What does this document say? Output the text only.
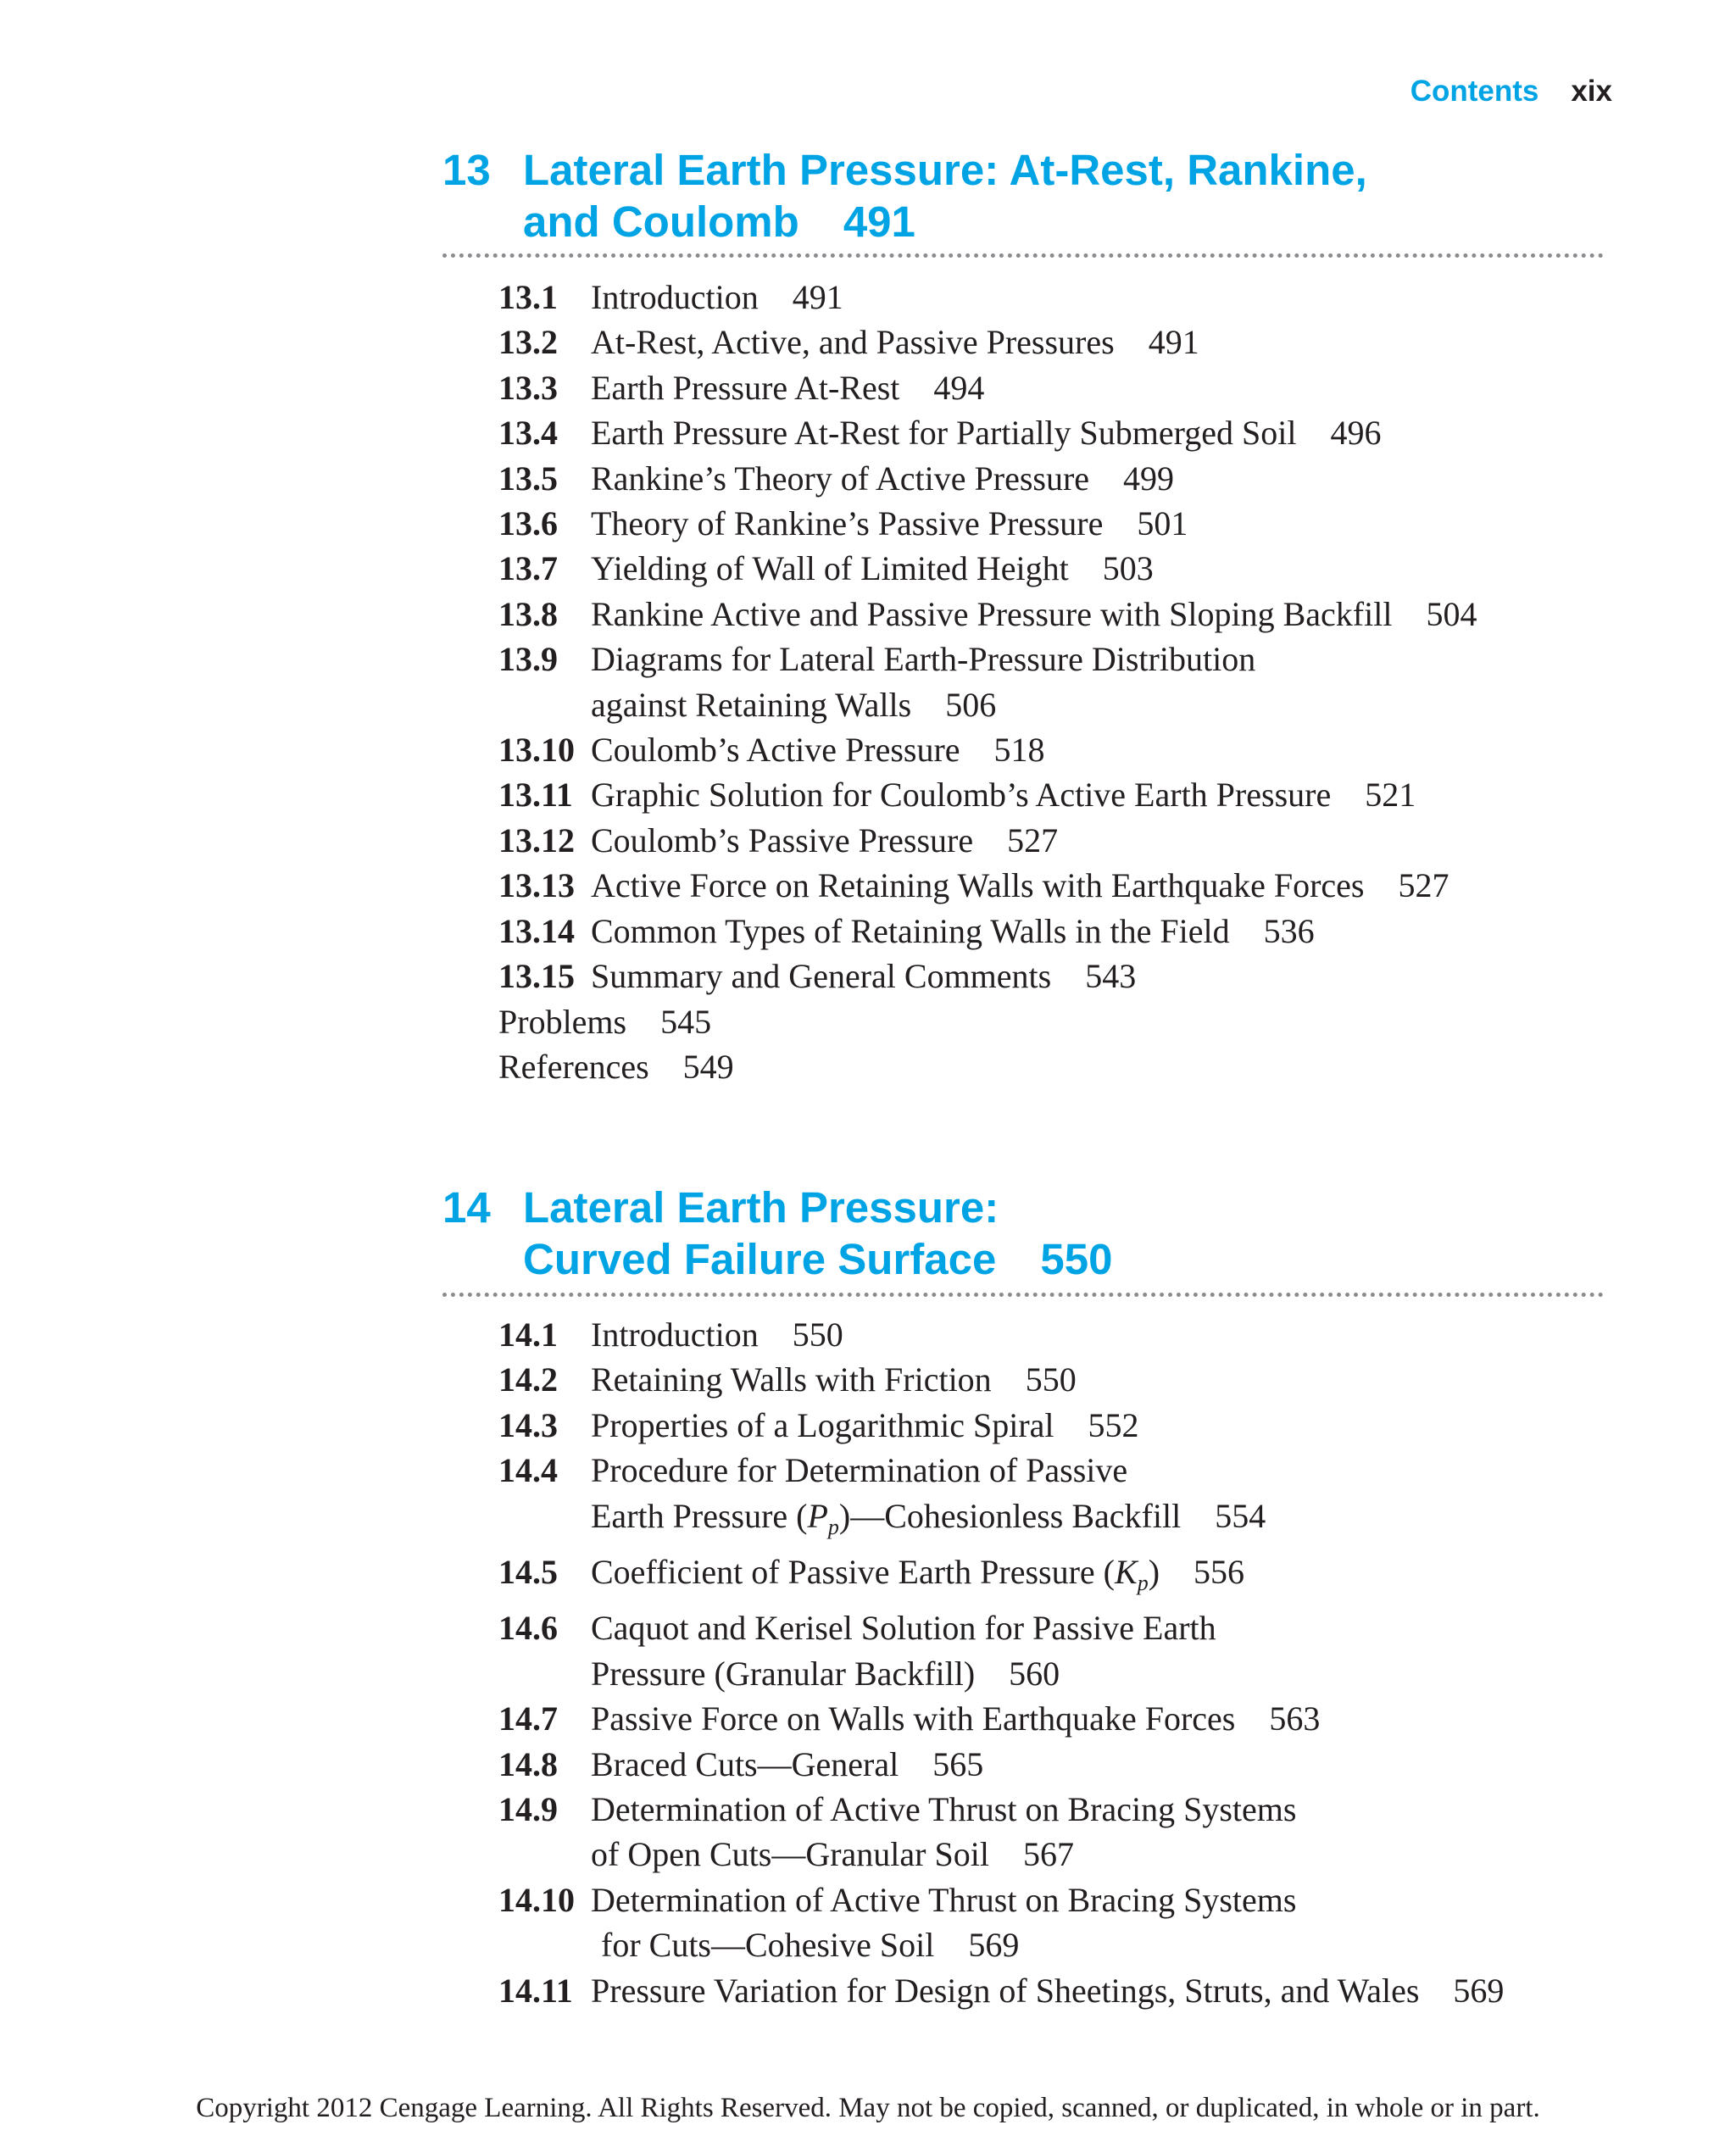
Contents xix
13 Lateral Earth Pressure: At-Rest, Rankine,
and Coulomb 491
13.1 Introduction 491
13.2 At-Rest, Active, and Passive Pressures 491
13.3 Earth Pressure At-Rest 494
13.4 Earth Pressure At-Rest for Partially Submerged Soil 496
13.5 Rankine’s Theory of Active Pressure 499
13.6 Theory of Rankine’s Passive Pressure 501
13.7 Yielding of Wall of Limited Height 503
13.8 Rankine Active and Passive Pressure with Sloping Backfill 504
13.9 Diagrams for Lateral Earth-Pressure Distribution
against Retaining Walls 506
13.10 Coulomb’s Active Pressure 518
13.11 Graphic Solution for Coulomb’s Active Earth Pressure 521
13.12 Coulomb’s Passive Pressure 527
13.13 Active Force on Retaining Walls with Earthquake Forces 527
13.14 Common Types of Retaining Walls in the Field 536
13.15 Summary and General Comments 543
Problems 545
References 549
14 Lateral Earth Pressure:
Curved Failure Surface 550
14.1 Introduction 550
14.2 Retaining Walls with Friction 550
14.3 Properties of a Logarithmic Spiral 552
14.4 Procedure for Determination of Passive
Earth Pressure $(P_p)—Cohesionless$ Backfill 554
14.5 Coefficient of Passive Earth Pressure $(K_p)$ 556
14.6 Caquot and Kerisel Solution for Passive Earth
Pressure (Granular Backfill) 560
14.7 Passive Force on Walls with Earthquake Forces 563
14.8 Braced Cuts—General 565
14.9 Determination of Active Thrust on Bracing Systems
of Open Cuts—Granular Soil 567
14.10 Determination of Active Thrust on Bracing Systems
for Cuts—Cohesive Soil 569
14.11 Pressure Variation for Design of Sheetings, Struts, and Wales 569
Copyright 2012 Cengage Learning. All Rights Reserved. May not be copied, scanned, or duplicated, in whole or in part.
